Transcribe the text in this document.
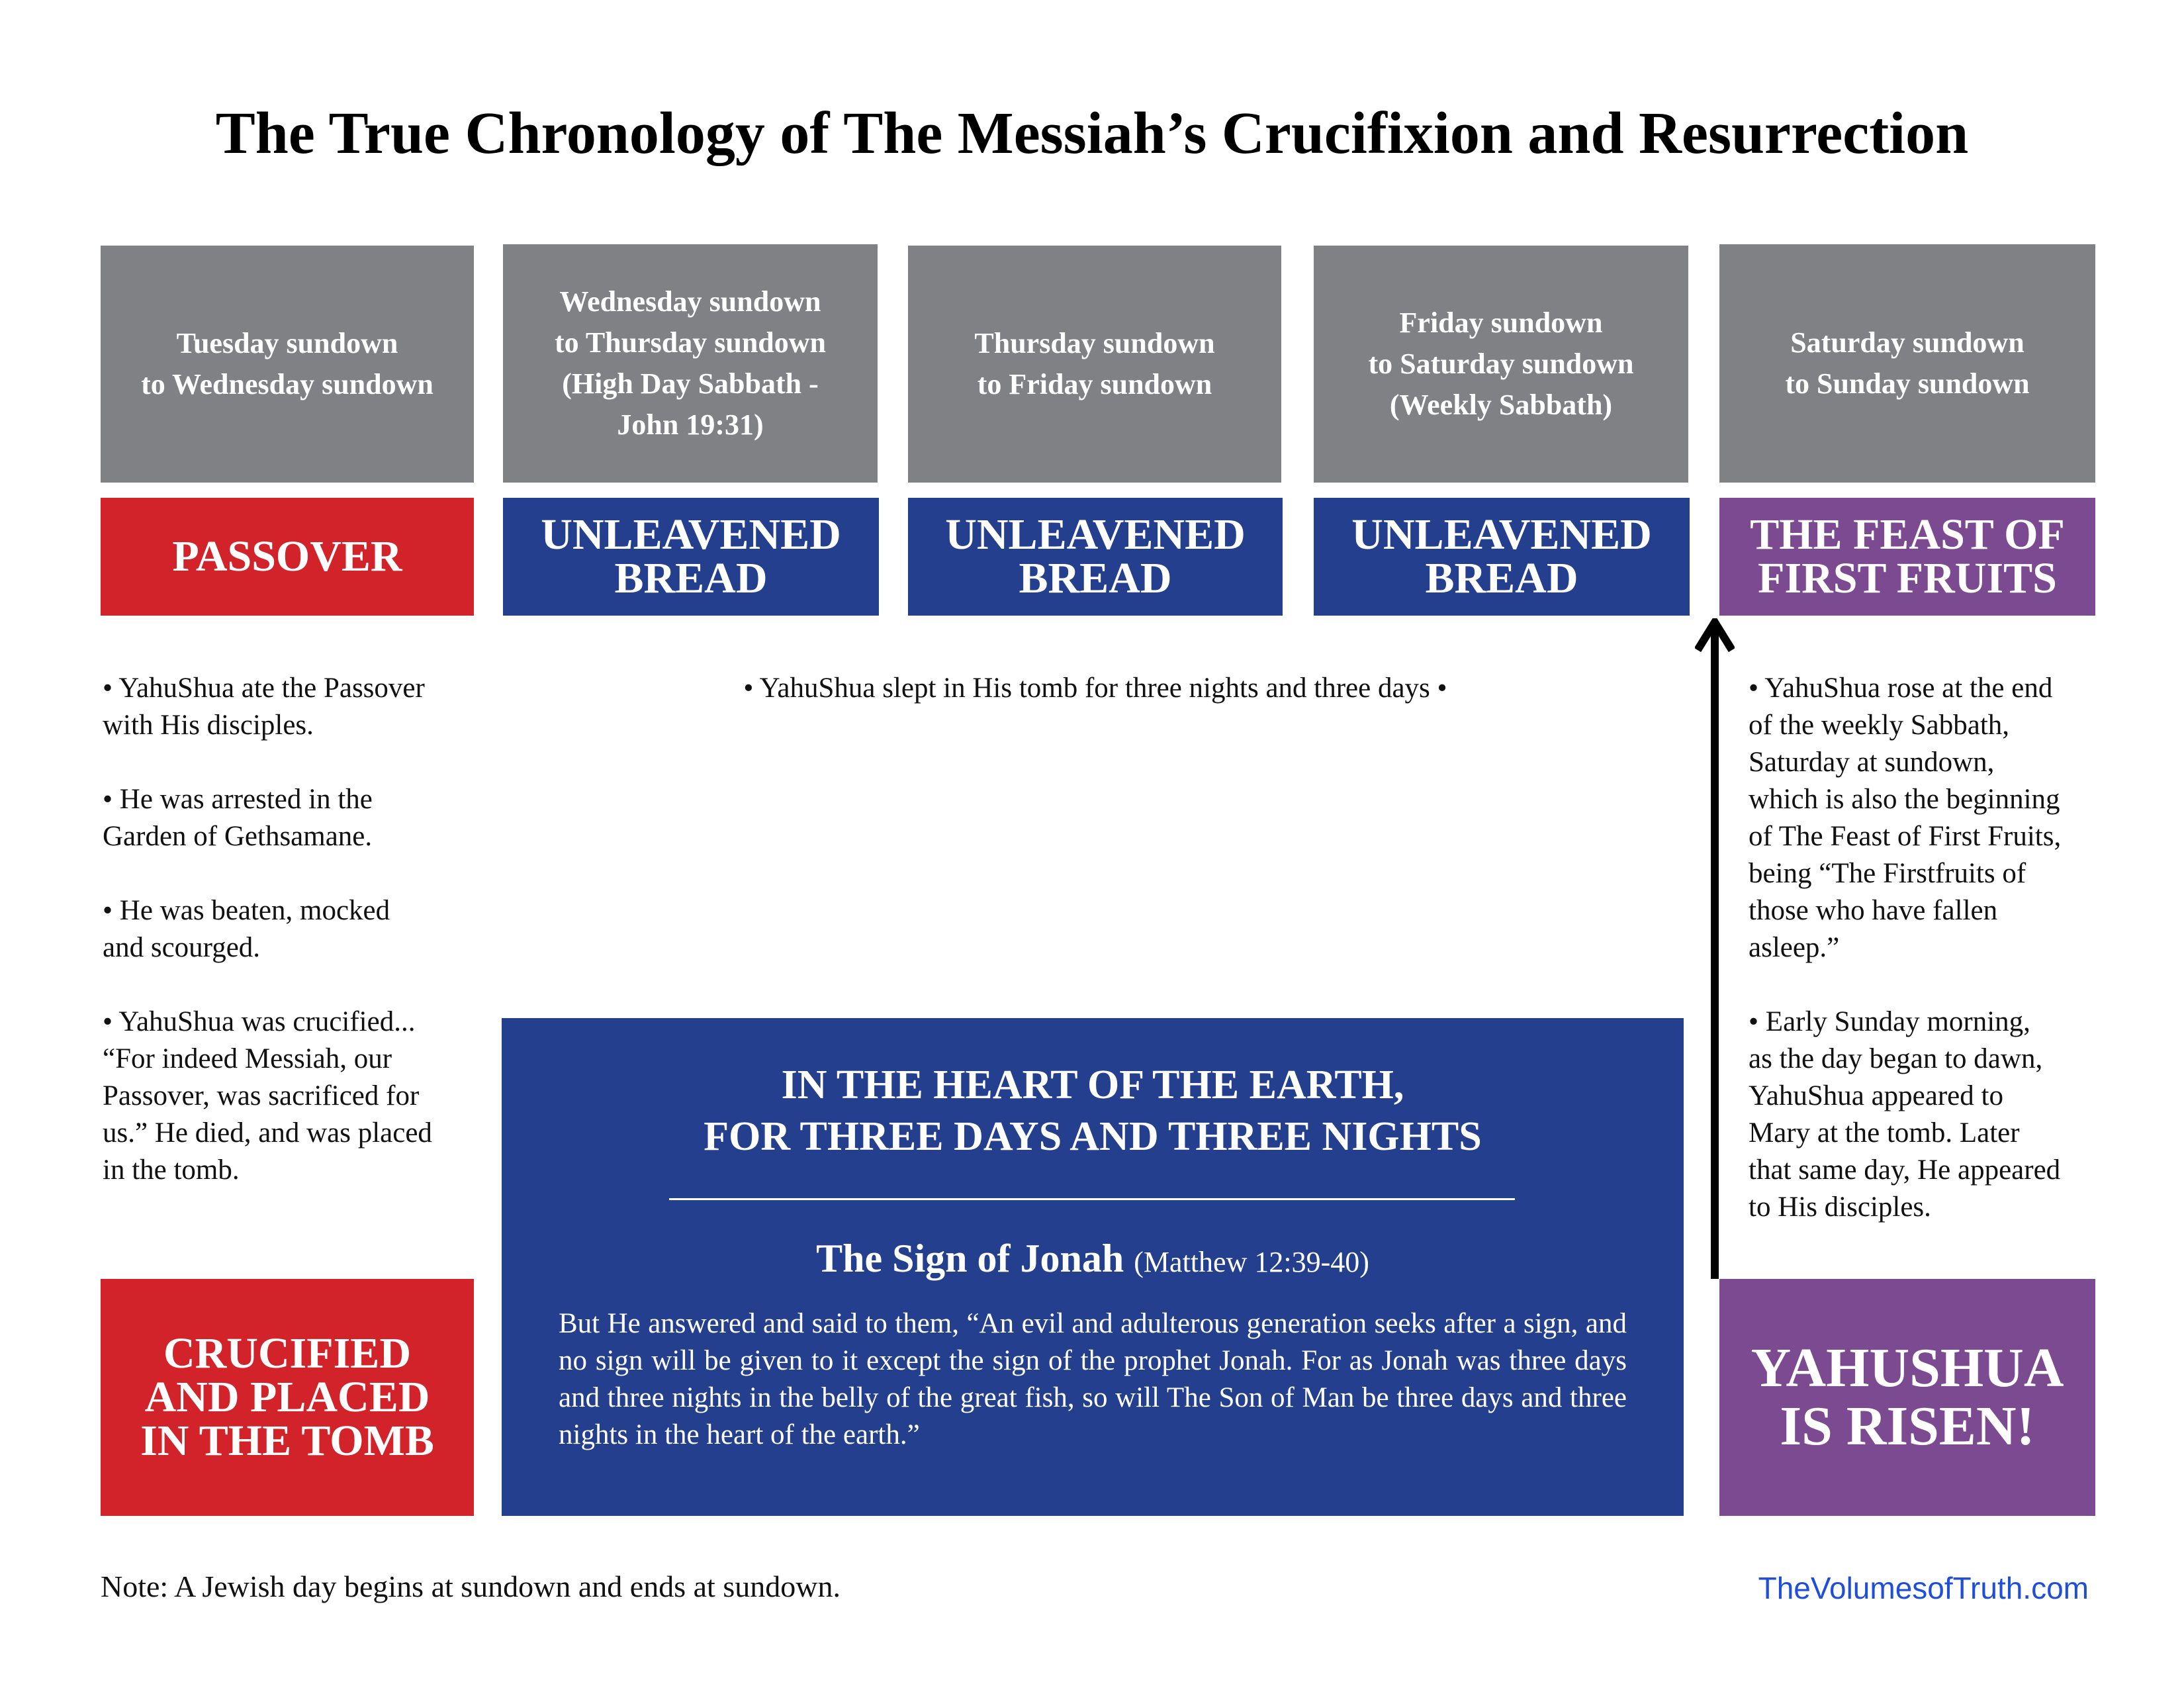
The True Chronology of The Messiah’s Crucifixion and Resurrection
Tuesday sundown
to Wednesday sundown
Wednesday sundown
to Thursday sundown
(High Day Sabbath -
John 19:31)
Thursday sundown
to Friday sundown
Friday sundown
to Saturday sundown
(Weekly Sabbath)
Saturday sundown
to Sunday sundown
PASSOVER	UNLEAVENED
BREAD
UNLEAVENED
BREAD
UNLEAVENED
BREAD
THE FEAST OF
FIRST FRUITS

• YahuShua ate the Passover
with His disciples.

• He was arrested in the
Garden of Gethsamane.

• He was beaten, mocked
and scourged.

• YahuShua was crucified...
“For indeed Messiah, our
Passover, was sacrificed for
us.” He died, and was placed
in the tomb.

• YahuShua slept in His tomb for three nights and three days •	• YahuShua rose at the end
of the weekly Sabbath,
Saturday at sundown,
which is also the beginning
of The Feast of First Fruits,
being “The Firstfruits of
those who have fallen
asleep.”

• Early Sunday morning,
as the day began to dawn,
YahuShua appeared to
Mary at the tomb. Later
that same day, He appeared
to His disciples.

CRUCIFIED
AND PLACED
IN THE TOMB
YAHUSHUA
IS RISEN!
IN THE HEART OF THE EARTH,
FOR THREE DAYS AND THREE NIGHTS
The Sign of Jonah (Matthew 12:39-40)
But He answered and said to them, “An evil and adulterous generation seeks after a sign, and no sign will be given to it except the sign of the prophet Jonah. For as Jonah was three days and three nights in the belly of the great fish, so will The Son of Man be three days and three nights in the heart of the earth.”
Note: A Jewish day begins at sundown and ends at sundown.	TheVolumesofTruth.com
